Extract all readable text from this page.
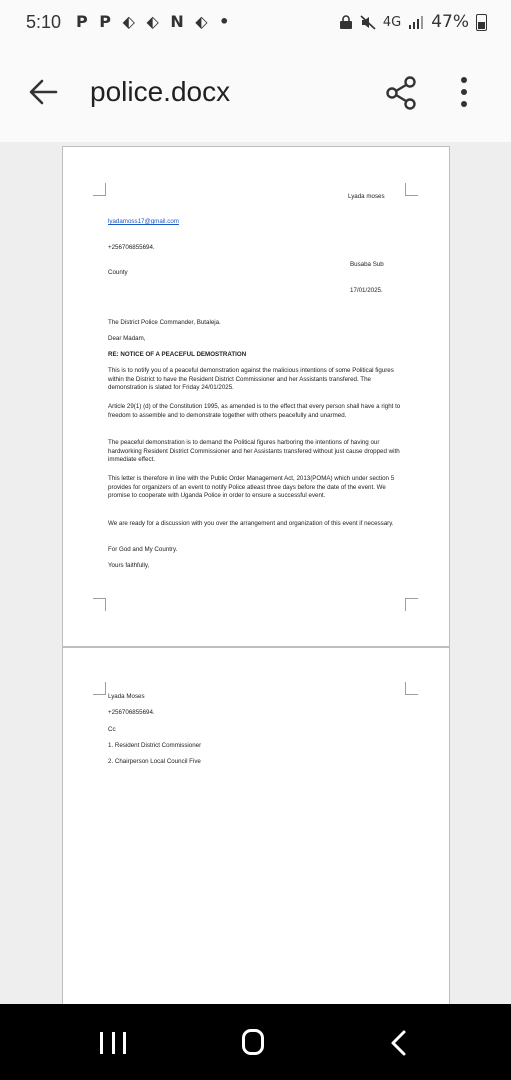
5:10 P P ⬖ ⬖ N ⬖ •	4G 47%
police.docx
Lyada moses
lyadamoss17@gmail.com
+256706855694.
Busaba Sub
County
17/01/2025.
The District Police Commander, Butaleja.
Dear Madam,
RE: NOTICE OF A PEACEFUL DEMOSTRATION
This is to notify you of a peaceful demonstration against the malicious intentions of some Political figures within the District to have the Resident District Commissioner and her Assistants transfered. The demonstration is slated for Friday 24/01/2025.
Article 29(1) (d) of the Constitution 1995, as amended is to the effect that every person shall have a right to freedom to assemble and to demonstrate together with others peacefully and unarmed.
The peaceful demonstration is to demand the Political figures harboring the intentions of having our hardworking Resident District Commissioner and her Assistants transfered without just cause dropped with immediate effect.
This letter is therefore in line with the Public Order Management Act, 2013(POMA) which under section 5 provides for organizers of an event to notify Police atleast three days before the date of the event. We promise to cooperate with Uganda Police in order to ensure a successful event.
We are ready for a discussion with you over the arrangement and organization of this event if necessary.
For God and My Country.
Yours faithfully,
Lyada Moses
+256706855694.
Cc
1. Resident District Commissioner
2. Chairperson Local Council Five
